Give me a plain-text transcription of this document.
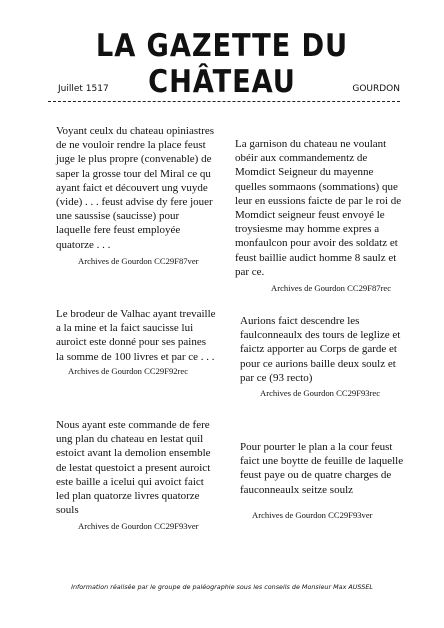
LA GAZETTE DU CHÂTEAU
Juillet 1517	GOURDON

Voyant ceulx du chateau opiniastres de ne vouloir rendre la place feust juge le plus propre (convenable) de saper la grosse tour del Miral ce qu ayant faict et découvert ung vuyde (vide) . . . feust advise dy fere jouer une saussise (saucisse) pour laquelle fere feust employée quatorze . . .

Archives de Gourdon CC29F87ver

La garnison du chateau ne voulant obéir aux commandementz de Momdict Seigneur du mayenne quelles sommaons (sommations) que leur en eussions faicte de par le roi de Momdict seigneur feust envoyé le troysiesme may homme expres a monfaulcon pour avoir des soldatz et feust baillie audict homme 8 saulz et par ce.

Archives de Gourdon CC29F87rec

Le brodeur de Valhac ayant trevaille a la mine et la faict saucisse lui auroict este donné pour ses paines la somme de 100 livres et par ce . . .

Archives de Gourdon CC29F92rec

Aurions faict descendre les faulconneaulx des tours de leglize et faictz apporter au Corps de garde et pour ce aurions baille deux soulz et par ce (93 recto)

Archives de Gourdon CC29F93rec

Nous ayant este commande de fere ung plan du chateau en lestat quil estoict avant la demolion ensemble de lestat questoict a present auroict este baille a icelui qui avoict faict led plan quatorze livres quatorze souls

Archives de Gourdon CC29F93ver

Pour pourter le plan a la cour feust faict une boytte de feuille de laquelle feust paye ou de quatre charges de fauconneaulx seitze soulz

Archives de Gourdon CC29F93ver
Information réalisée par le groupe de paléographie sous les conseils de Monsieur Max AUSSEL
